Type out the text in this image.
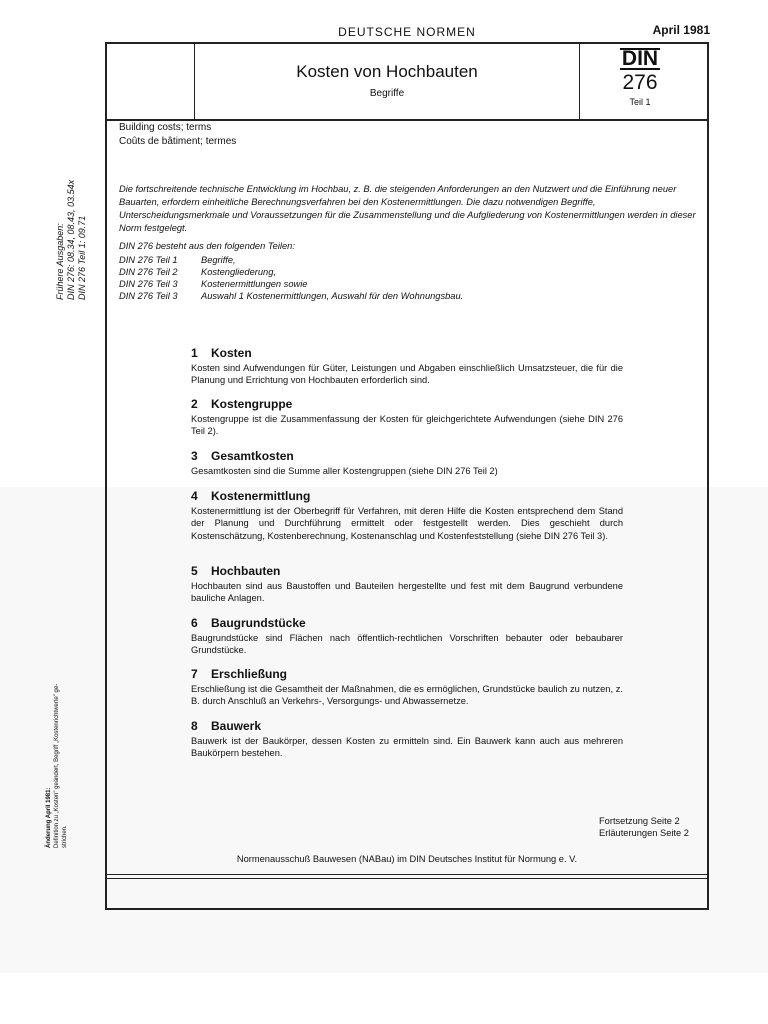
DEUTSCHE NORMEN	April 1981
Kosten von Hochbauten
Begriffe
DIN
276
Teil 1
Building costs; terms
Coûts de bâtiment; termes
Die fortschreitende technische Entwicklung im Hochbau, z. B. die steigenden Anforderungen an den Nutzwert und die Einführung neuer Bauarten, erfordern einheitliche Berechnungsverfahren bei den Kostenermittlungen. Die dazu notwendigen Begriffe, Unterscheidungsmerkmale und Voraussetzungen für die Zusammenstellung und die Aufgliederung von Kostenermittlungen werden in dieser Norm festgelegt.
DIN 276 besteht aus den folgenden Teilen:
DIN 276 Teil 1	Begriffe,
DIN 276 Teil 2	Kostengliederung,
DIN 276 Teil 3	Kostenermittlungen sowie
DIN 276 Teil 3	Auswahl 1 Kostenermittlungen, Auswahl für den Wohnungsbau.
1 Kosten
Kosten sind Aufwendungen für Güter, Leistungen und Abgaben einschließlich Umsatzsteuer, die für die Planung und Errichtung von Hochbauten erforderlich sind.
2 Kostengruppe
Kostengruppe ist die Zusammenfassung der Kosten für gleichgerichtete Aufwendungen (siehe DIN 276 Teil 2).
3 Gesamtkosten
Gesamtkosten sind die Summe aller Kostengruppen (siehe DIN 276 Teil 2)
4 Kostenermittlung
Kostenermittlung ist der Oberbegriff für Verfahren, mit deren Hilfe die Kosten entsprechend dem Stand der Planung und Durchführung ermittelt oder festgestellt werden. Dies geschieht durch Kostenschätzung, Kostenberechnung, Kostenanschlag und Kostenfeststellung (siehe DIN 276 Teil 3).
5 Hochbauten
Hochbauten sind aus Baustoffen und Bauteilen hergestellte und fest mit dem Baugrund verbundene bauliche Anlagen.
6 Baugrundstücke
Baugrundstücke sind Flächen nach öffentlich-rechtlichen Vorschriften bebauter oder bebaubarer Grundstücke.
7 Erschließung
Erschließung ist die Gesamtheit der Maßnahmen, die es ermöglichen, Grundstücke baulich zu nutzen, z. B. durch Anschluß an Verkehrs-, Versorgungs- und Abwassernetze.
8 Bauwerk
Bauwerk ist der Baukörper, dessen Kosten zu ermitteln sind. Ein Bauwerk kann auch aus mehreren Baukörpern bestehen.
Fortsetzung Seite 2
Erläuterungen Seite 2
Normenausschuß Bauwesen (NABau) im DIN Deutsches Institut für Normung e. V.
Frühere Ausgaben: DIN 276: 08.34, 08.43, 03.54x DIN 276 Teil 1: 09.71
Änderung April 1981: Definition zu „Kosten" geändert, Begriff „Kostenrichtwerte" ge- strichen.
